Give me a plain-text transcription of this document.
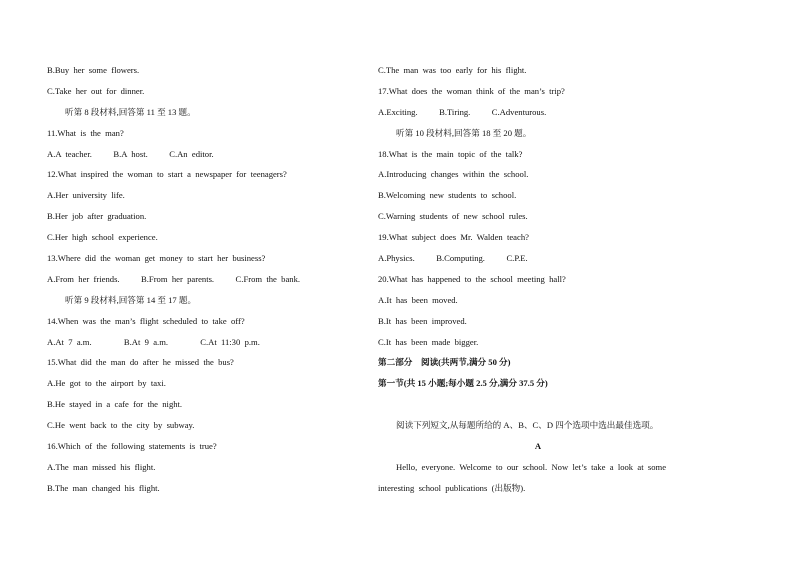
B.Buy  her  some  flowers.
C.Take  her  out  for  dinner.
听第 8 段材料,回答第 11 至 13 题。
11.What  is  the  man?
A.A  teacher.          B.A  host.          C.An  editor.
12.What  inspired  the  woman  to  start  a  newspaper  for  teenagers?
A.Her  university  life.
B.Her  job  after  graduation.
C.Her  high  school  experience.
13.Where  did  the  woman  get  money  to  start  her  business?
A.From  her  friends.          B.From  her  parents.          C.From  the  bank.
听第 9 段材料,回答第 14 至 17 题。
14.When  was  the  man’s  flight  scheduled  to  take  off?
A.At  7  a.m.               B.At  9  a.m.               C.At  11:30  p.m.
15.What  did  the  man  do  after  he  missed  the  bus?
A.He  got  to  the  airport  by  taxi.
B.He  stayed  in  a  cafe  for  the  night.
C.He  went  back  to  the  city  by  subway.
16.Which  of  the  following  statements  is  true?
A.The  man  missed  his  flight.
B.The  man  changed  his  flight.
C.The  man  was  too  early  for  his  flight.
17.What  does  the  woman  think  of  the  man’s  trip?
A.Exciting.          B.Tiring.          C.Adventurous.
听第 10 段材料,回答第 18 至 20 题。
18.What  is  the  main  topic  of  the  talk?
A.Introducing  changes  within  the  school.
B.Welcoming  new  students  to  school.
C.Warning  students  of  new  school  rules.
19.What  subject  does  Mr.  Walden  teach?
A.Physics.          B.Computing.          C.P.E.
20.What  has  happened  to  the  school  meeting  hall?
A.It  has  been  moved.
B.It  has  been  improved.
C.It  has  been  made  bigger.
第二部分    阅读(共两节,满分 50 分)
第一节(共 15 小题;每小题 2.5 分,满分 37.5 分)
阅读下列短文,从每题所给的 A、B、C、D 四个选项中选出最佳选项。
A
Hello,  everyone.  Welcome  to  our  school.  Now  let’s  take  a  look  at  some
interesting  school  publications  (出版物).
